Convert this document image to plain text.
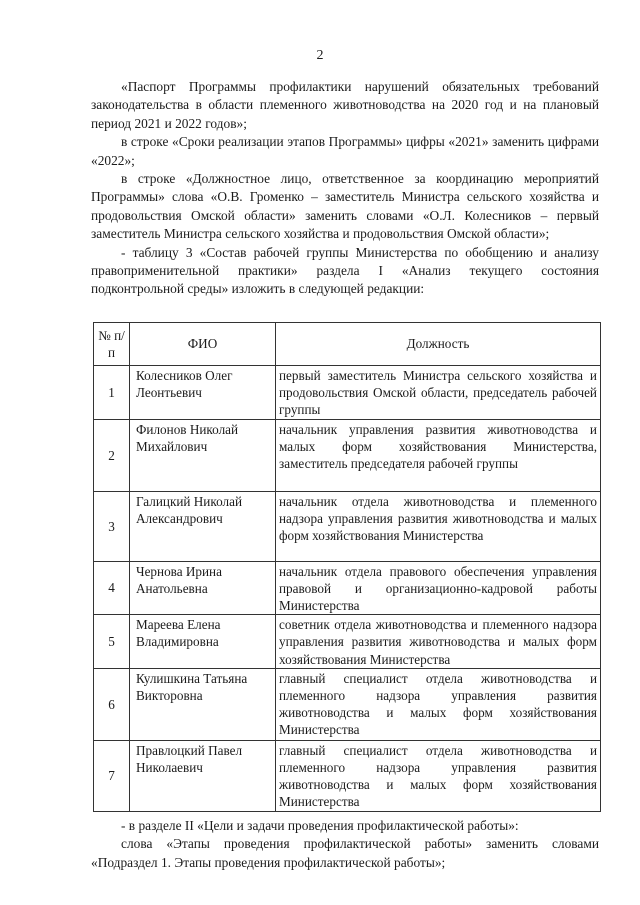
2

«Паспорт Программы профилактики нарушений обязательных требований законодательства в области племенного животноводства на 2020 год и на плановый период 2021 и 2022 годов»;

в строке «Сроки реализации этапов Программы» цифры «2021» заменить цифрами «2022»;

в строке «Должностное лицо, ответственное за координацию мероприятий Программы» слова «О.В. Громенко – заместитель Министра сельского хозяйства и продовольствия Омской области» заменить словами «О.Л. Колесников – первый заместитель Министра сельского хозяйства и продовольствия Омской области»;

- таблицу 3 «Состав рабочей группы Министерства по обобщению и анализу правоприменительной практики» раздела I «Анализ текущего состояния подконтрольной среды» изложить в следующей редакции:

№ п/п	ФИО	Должность
1	Колесников Олег Леонтьевич	первый заместитель Министра сельского хозяйства и продовольствия Омской области, председатель рабочей группы
2	Филонов Николай Михайлович	начальник управления развития животноводства и малых форм хозяйствования Министерства, заместитель председателя рабочей группы
3	Галицкий Николай Александрович	начальник отдела животноводства и племенного надзора управления развития животноводства и малых форм хозяйствования Министерства
4	Чернова Ирина Анатольевна	начальник отдела правового обеспечения управления правовой и организационно-кадровой работы Министерства
5	Мареева Елена Владимировна	советник отдела животноводства и племенного надзора управления развития животноводства и малых форм хозяйствования Министерства
6	Кулишкина Татьяна Викторовна	главный специалист отдела животноводства и племенного надзора управления развития животноводства и малых форм хозяйствования Министерства
7	Правлоцкий Павел Николаевич	главный специалист отдела животноводства и племенного надзора управления развития животноводства и малых форм хозяйствования Министерства

- в разделе II «Цели и задачи проведения профилактической работы»:

слова «Этапы проведения профилактической работы» заменить словами «Подраздел 1. Этапы проведения профилактической работы»;
